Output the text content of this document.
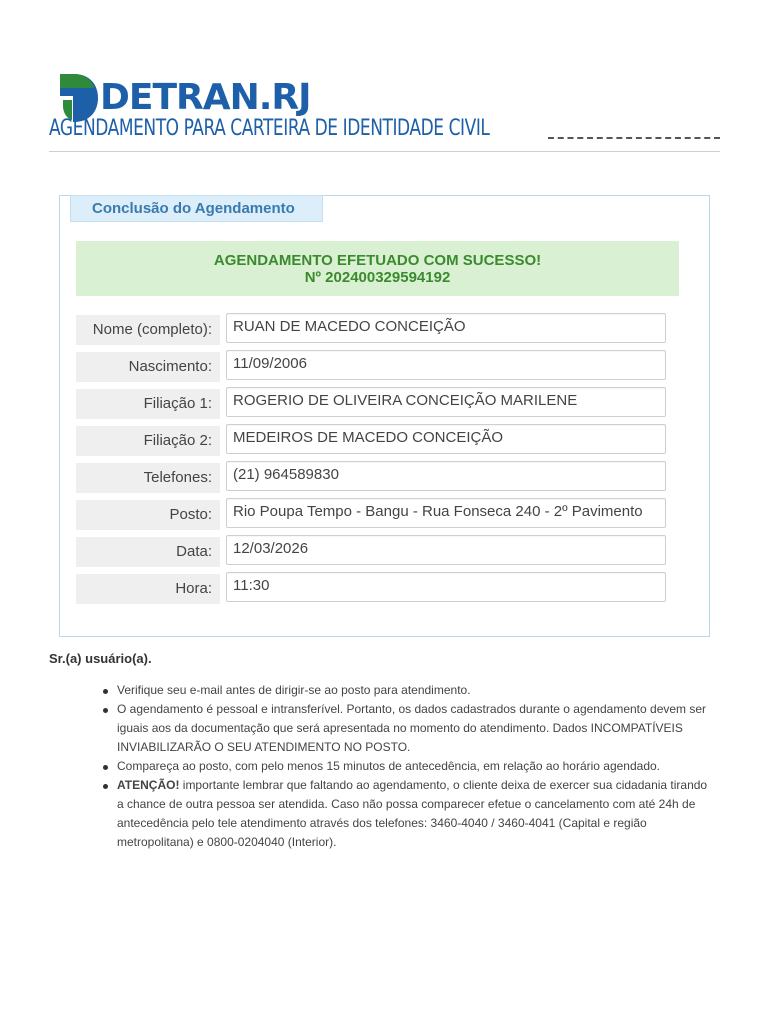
DETRAN.RJ
AGENDAMENTO PARA CARTEIRA DE IDENTIDADE CIVIL
Conclusão do Agendamento
AGENDAMENTO EFETUADO COM SUCESSO!
Nº 202400329594192
Nome (completo):	RUAN DE MACEDO CONCEIÇÃO
Nascimento:	11/09/2006
Filiação 1:	ROGERIO DE OLIVEIRA CONCEIÇÃO MARILENE
Filiação 2:	MEDEIROS DE MACEDO CONCEIÇÃO
Telefones:	(21) 964589830
Posto:	Rio Poupa Tempo - Bangu - Rua Fonseca 240 - 2º Pavimento
Data:	12/03/2026
Hora:	11:30
Sr.(a) usuário(a).
Verifique seu e-mail antes de dirigir-se ao posto para atendimento.
O agendamento é pessoal e intransferível. Portanto, os dados cadastrados durante o agendamento devem ser iguais aos da documentação que será apresentada no momento do atendimento. Dados INCOMPATÍVEIS INVIABILIZARÃO O SEU ATENDIMENTO NO POSTO.
Compareça ao posto, com pelo menos 15 minutos de antecedência, em relação ao horário agendado.
ATENÇÃO! importante lembrar que faltando ao agendamento, o cliente deixa de exercer sua cidadania tirando a chance de outra pessoa ser atendida. Caso não possa comparecer efetue o cancelamento com até 24h de antecedência pelo tele atendimento através dos telefones: 3460-4040 / 3460-4041 (Capital e região metropolitana) e 0800-0204040 (Interior).
